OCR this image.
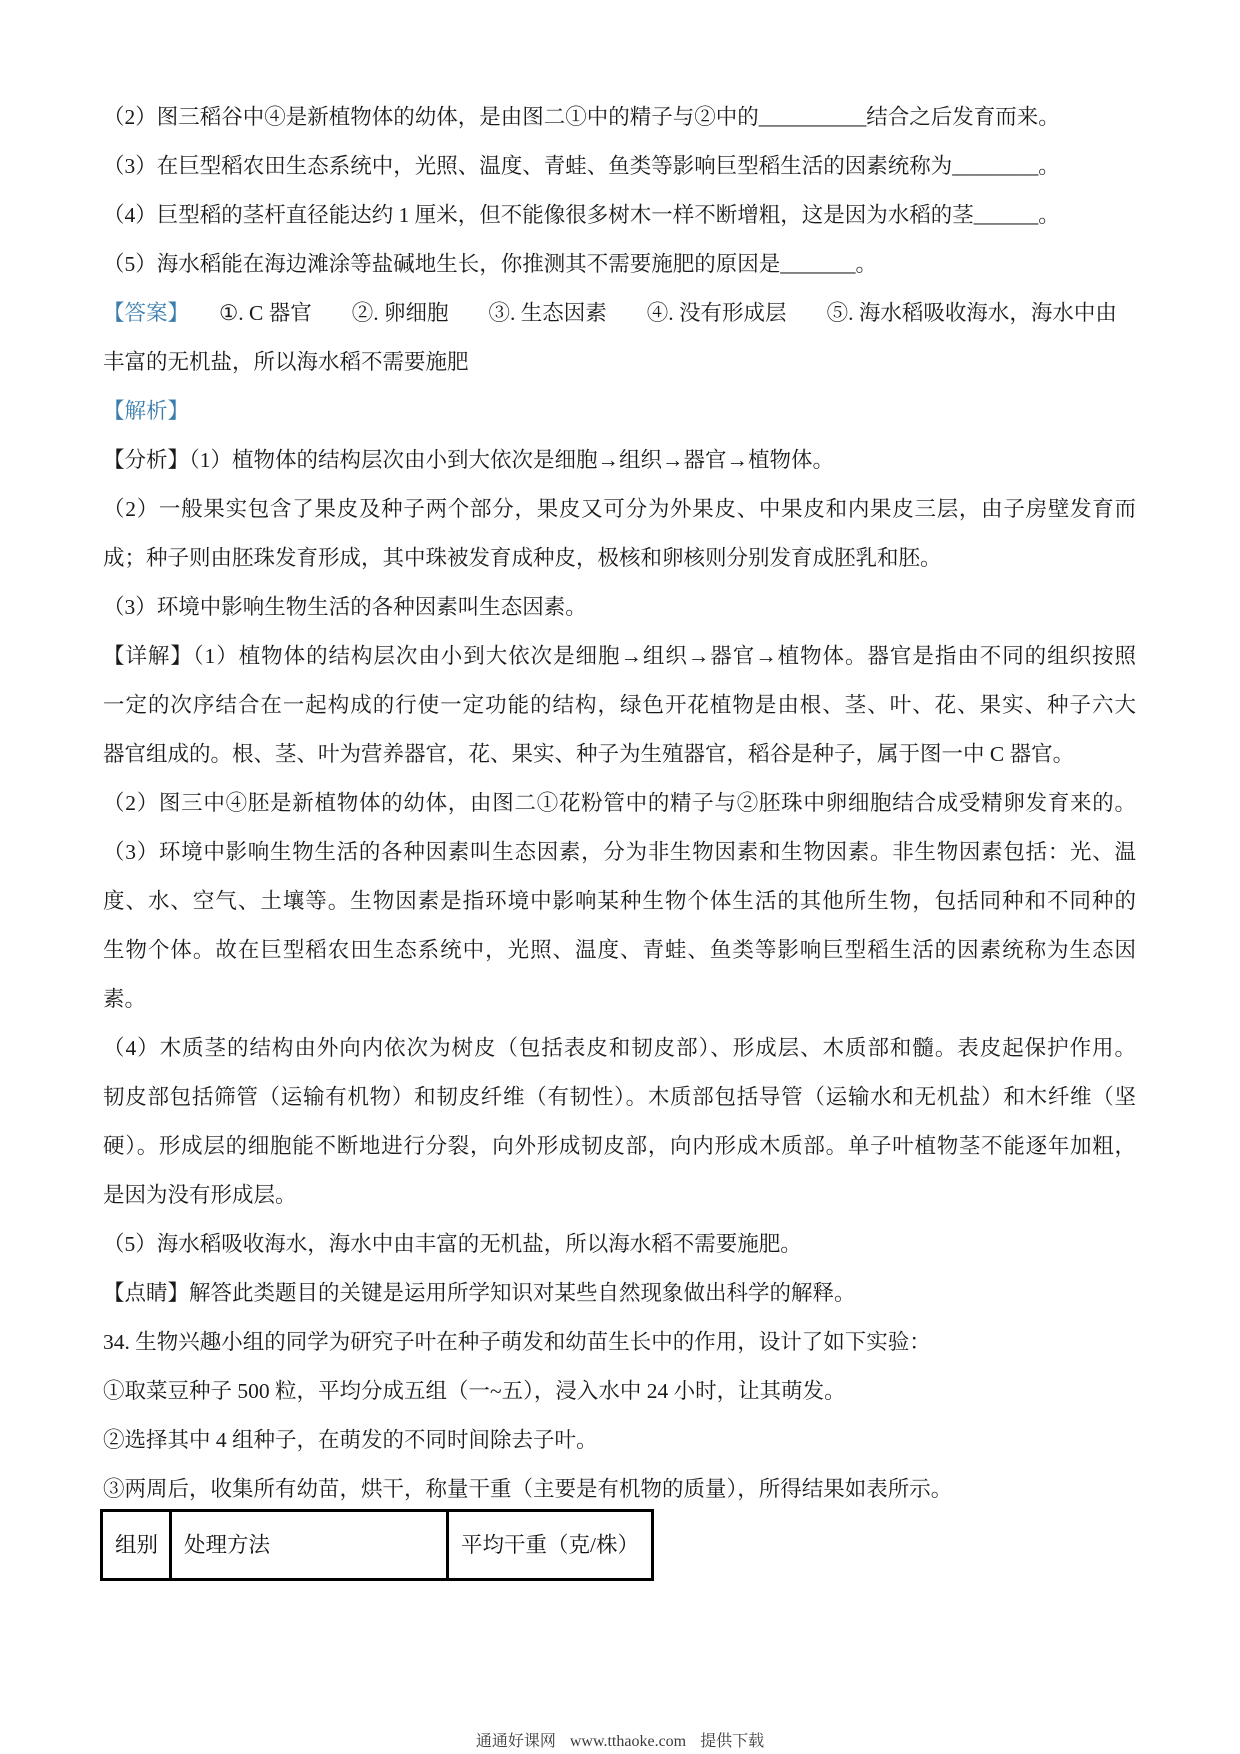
（2）图三稻谷中④是新植物体的幼体，是由图二①中的精子与②中的__________结合之后发育而来。
（3）在巨型稻农田生态系统中，光照、温度、青蛙、鱼类等影响巨型稻生活的因素统称为________。
（4）巨型稻的茎杆直径能达约 1 厘米，但不能像很多树木一样不断增粗，这是因为水稻的茎______。
（5）海水稻能在海边滩涂等盐碱地生长，你推测其不需要施肥的原因是_______。
【答案】 ①. C 器官 ②. 卵细胞 ③. 生态因素 ④. 没有形成层 ⑤. 海水稻吸收海水，海水中由丰富的无机盐，所以海水稻不需要施肥
【解析】
【分析】（1）植物体的结构层次由小到大依次是细胞→组织→器官→植物体。
（2）一般果实包含了果皮及种子两个部分，果皮又可分为外果皮、中果皮和内果皮三层，由子房壁发育而
成；种子则由胚珠发育形成，其中珠被发育成种皮，极核和卵核则分别发育成胚乳和胚。
（3）环境中影响生物生活的各种因素叫生态因素。
【详解】（1）植物体的结构层次由小到大依次是细胞→组织→器官→植物体。器官是指由不同的组织按照
一定的次序结合在一起构成的行使一定功能的结构，绿色开花植物是由根、茎、叶、花、果实、种子六大
器官组成的。根、茎、叶为营养器官，花、果实、种子为生殖器官，稻谷是种子，属于图一中 C 器官。
（2）图三中④胚是新植物体的幼体，由图二①花粉管中的精子与②胚珠中卵细胞结合成受精卵发育来的。
（3）环境中影响生物生活的各种因素叫生态因素，分为非生物因素和生物因素。非生物因素包括：光、温
度、水、空气、土壤等。生物因素是指环境中影响某种生物个体生活的其他所生物，包括同种和不同种的
生物个体。故在巨型稻农田生态系统中，光照、温度、青蛙、鱼类等影响巨型稻生活的因素统称为生态因
素。
（4）木质茎的结构由外向内依次为树皮（包括表皮和韧皮部）、形成层、木质部和髓。表皮起保护作用。
韧皮部包括筛管（运输有机物）和韧皮纤维（有韧性）。木质部包括导管（运输水和无机盐）和木纤维（坚
硬）。形成层的细胞能不断地进行分裂，向外形成韧皮部，向内形成木质部。单子叶植物茎不能逐年加粗，
是因为没有形成层。
（5）海水稻吸收海水，海水中由丰富的无机盐，所以海水稻不需要施肥。
【点睛】解答此类题目的关键是运用所学知识对某些自然现象做出科学的解释。
34. 生物兴趣小组的同学为研究子叶在种子萌发和幼苗生长中的作用，设计了如下实验：
①取菜豆种子 500 粒，平均分成五组（一~五），浸入水中 24 小时，让其萌发。
②选择其中 4 组种子，在萌发的不同时间除去子叶。
③两周后，收集所有幼苗，烘干，称量干重（主要是有机物的质量），所得结果如表所示。
组别	处理方法	平均干重（克/株）
通通好课网 www.tthaoke.com 提供下载
